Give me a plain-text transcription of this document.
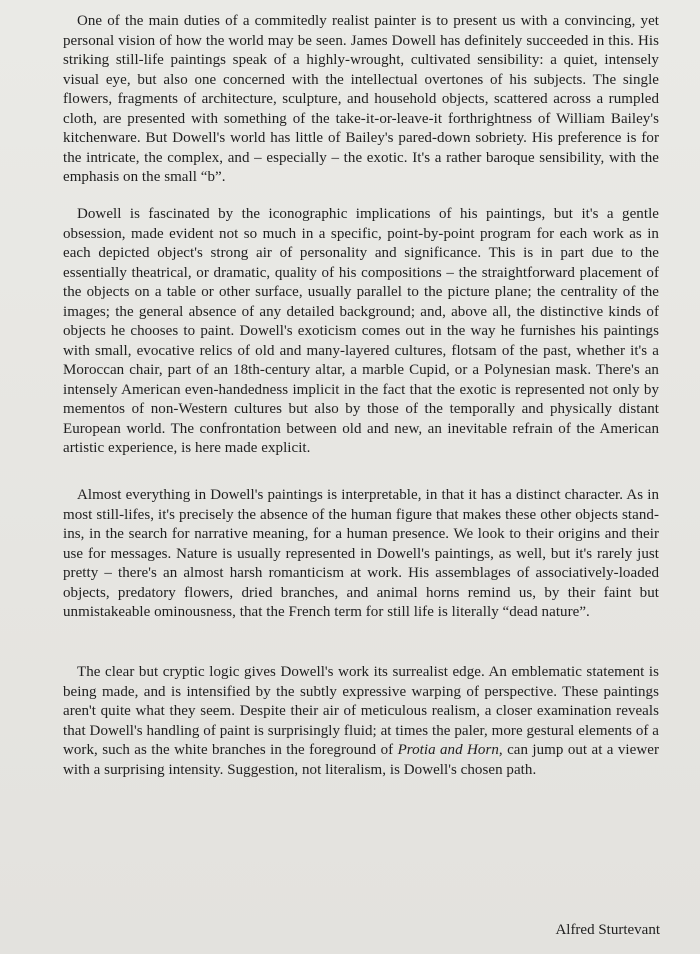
One of the main duties of a commitedly realist painter is to present us with a convincing, yet personal vision of how the world may be seen. James Dowell has definitely succeeded in this. His striking still-life paintings speak of a highly-wrought, cultivated sensibility: a quiet, intensely visual eye, but also one concerned with the intellectual overtones of his subjects. The single flowers, fragments of architecture, sculpture, and household objects, scattered across a rumpled cloth, are presented with something of the take-it-or-leave-it forthrightness of William Bailey's kitchenware. But Dowell's world has little of Bailey's pared-down sobriety. His preference is for the intricate, the complex, and – especially – the exotic. It's a rather baroque sensibility, with the emphasis on the small “b”.

Dowell is fascinated by the iconographic implications of his paintings, but it's a gentle obsession, made evident not so much in a specific, point-by-point program for each work as in each depicted object's strong air of personality and significance. This is in part due to the essentially theatrical, or dramatic, quality of his compositions – the straightforward placement of the objects on a table or other surface, usually parallel to the picture plane; the centrality of the images; the general absence of any detailed background; and, above all, the distinctive kinds of objects he chooses to paint. Dowell's exoticism comes out in the way he furnishes his paintings with small, evocative relics of old and many-layered cultures, flotsam of the past, whether it's a Moroccan chair, part of an 18th-century altar, a marble Cupid, or a Polynesian mask. There's an intensely American even-handedness implicit in the fact that the exotic is represented not only by mementos of non-Western cultures but also by those of the temporally and physically distant European world. The confrontation between old and new, an inevitable refrain of the American artistic experience, is here made explicit.

Almost everything in Dowell's paintings is interpretable, in that it has a distinct character. As in most still-lifes, it's precisely the absence of the human figure that makes these other objects stand-ins, in the search for narrative meaning, for a human presence. We look to their origins and their use for messages. Nature is usually represented in Dowell's paintings, as well, but it's rarely just pretty – there's an almost harsh romanticism at work. His assemblages of associatively-loaded objects, predatory flowers, dried branches, and animal horns remind us, by their faint but unmistakeable ominousness, that the French term for still life is literally “dead nature”.

The clear but cryptic logic gives Dowell's work its surrealist edge. An emblematic statement is being made, and is intensified by the subtly expressive warping of perspective. These paintings aren't quite what they seem. Despite their air of meticulous realism, a closer examination reveals that Dowell's handling of paint is surprisingly fluid; at times the paler, more gestural elements of a work, such as the white branches in the foreground of Protia and Horn, can jump out at a viewer with a surprising intensity. Suggestion, not literalism, is Dowell's chosen path.

Alfred Sturtevant
